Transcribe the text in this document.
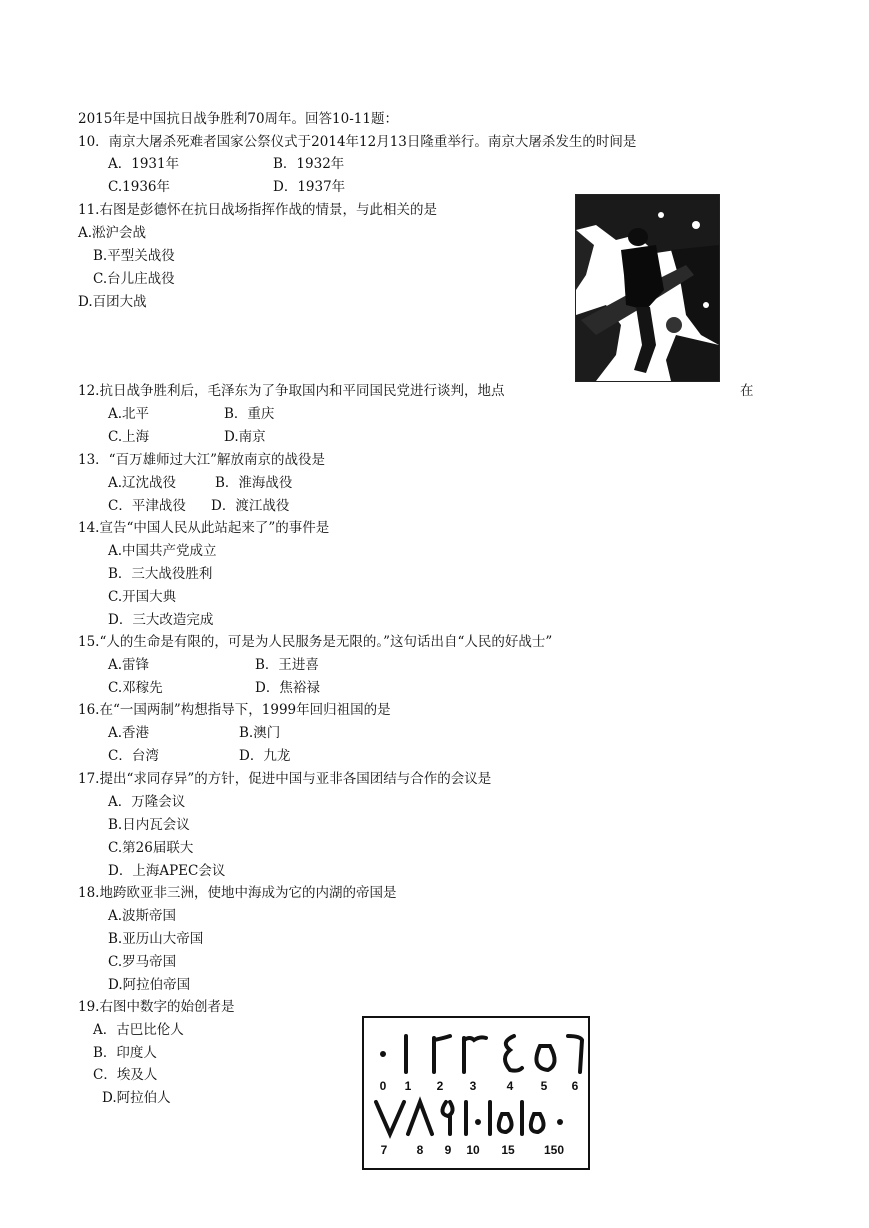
2015年是中国抗日战争胜利70周年。回答10-11题：
10．南京大屠杀死难者国家公祭仪式于2014年12月13日隆重举行。南京大屠杀发生的时间是
A．1931年	B．1932年
C.1936年	D．1937年
11.右图是彭德怀在抗日战场指挥作战的情景，与此相关的是
A.淞沪会战
B.平型关战役
C.台儿庄战役
D.百团大战
12.抗日战争胜利后，毛泽东为了争取国内和平同国民党进行谈判，地点	在
A.北平	B．重庆
C.上海	D.南京
13．“百万雄师过大江”解放南京的战役是
A.辽沈战役	B．淮海战役
C．平津战役 D．渡江战役
14.宣告“中国人民从此站起来了”的事件是
A.中国共产党成立
B．三大战役胜利
C.开国大典
D．三大改造完成
15.“人的生命是有限的，可是为人民服务是无限的。”这句话出自“人民的好战士”
A.雷锋	B．王进喜
C.邓稼先	D．焦裕禄
16.在“一国两制”构想指导下，1999年回归祖国的是
A.香港	B.澳门
C．台湾	D．九龙
17.提出“求同存异”的方针，促进中国与亚非各国团结与合作的会议是
A．万隆会议
B.日内瓦会议
C.第26届联大
D．上海APEC会议
18.地跨欧亚非三洲，使地中海成为它的内湖的帝国是
A.波斯帝国
B.亚历山大帝国
C.罗马帝国
D.阿拉伯帝国
19.右图中数字的始创者是
A．古巴比伦人
B．印度人
C．埃及人
D.阿拉伯人
0 1 2 3	4 5 6
7 8 9 10 15 150
